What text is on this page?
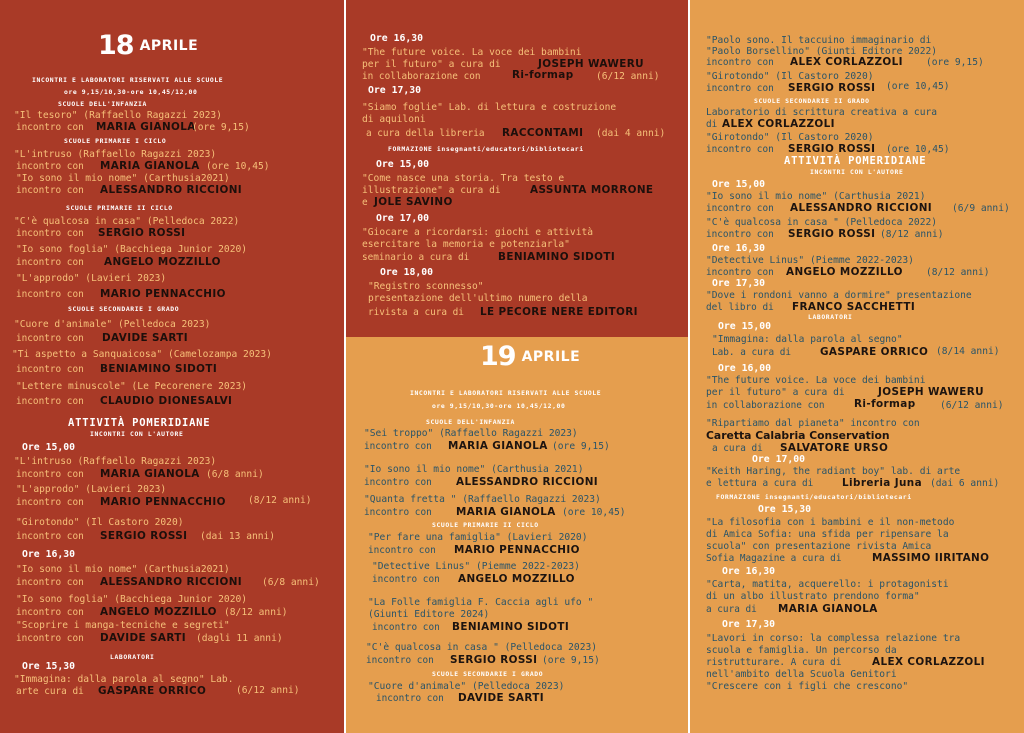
18 APRILE
INCONTRI E LABORATORI RISERVATI ALLE SCUOLE
ore 9,15/10,30-ore 10,45/12,00
SCUOLE DELL'INFANZIA
"Il tesoro" (Raffaello Ragazzi 2023)
incontro con MARIA GIANOLA
(ore 9,15)
SCUOLE PRIMARIE I CICLO
"L'intruso (Raffaello Ragazzi 2023)
incontro con MARIA GIANOLA (ore 10,45)
"Io sono il mio nome" (Carthusia2021)
incontro con ALESSANDRO RICCIONI
SCUOLE PRIMARIE II CICLO
"C'è qualcosa in casa" (Pelledoca 2022)
incontro con SERGIO ROSSI
"Io sono foglia" (Bacchiega Junior 2020)
incontro con ANGELO MOZZILLO
"L'approdo" (Lavieri 2023)
incontro con MARIO PENNACCHIO
SCUOLE SECONDARIE I GRADO
"Cuore d'animale" (Pelledoca 2023)
incontro con DAVIDE SARTI
"Ti aspetto a Sanquaicosa" (Camelozampa 2023)
incontro con BENIAMINO SIDOTI
"Lettere minuscole" (Le Pecorenere 2023)
incontro con CLAUDIO DIONESALVI
ATTIVITÀ POMERIDIANE
INCONTRI CON L'AUTORE
Ore 15,00
"L'intruso (Raffaello Ragazzi 2023)
incontro con MARIA GIANOLA (6/8 anni)
"L'approdo" (Lavieri 2023)
incontro con MARIO PENNACCHIO (8/12 anni)
"Girotondo" (Il Castoro 2020)
incontro con SERGIO ROSSI (dai 13 anni)
Ore 16,30
"Io sono il mio nome" (Carthusia2021)
incontro con ALESSANDRO RICCIONI (6/8 anni)
"Io sono foglia" (Bacchiega Junior 2020)
incontro con ANGELO MOZZILLO (8/12 anni)
"Scoprire i manga-tecniche e segreti"
incontro con DAVIDE SARTI (dagli 11 anni)
LABORATORI
Ore 15,30
"Immagina: dalla parola al segno" Lab.
arte cura di GASPARE ORRICO	(6/12 anni)
Ore 16,30
"The future voice. La voce dei bambini
per il futuro" a cura di	JOSEPH WAWERU
in collaborazione con	Ri-formap (6/12 anni)
Ore 17,30
"Siamo foglie" Lab. di lettura e costruzione
di aquiloni
a cura della libreria RACCONTAMI (dai 4 anni)
FORMAZIONE insegnanti/educatori/bibliotecari
Ore 15,00
"Come nasce una storia. Tra testo e
illustrazione" a cura di	ASSUNTA MORRONE
e JOLE SAVINO
Ore 17,00
"Giocare a ricordarsi: giochi e attività
esercitare la memoria e potenziarla"
seminario a cura di	BENIAMINO SIDOTI
Ore 18,00
"Registro sconnesso"
presentazione dell'ultimo numero della
rivista a cura di LE PECORE NERE EDITORI
19 APRILE
INCONTRI E LABORATORI RISERVATI ALLE SCUOLE
ore 9,15/10,30-ore 10,45/12,00
SCUOLE DELL'INFANZIA
"Sei troppo" (Raffaello Ragazzi 2023)
incontro con MARIA GIANOLA (ore 9,15)
"Io sono il mio nome" (Carthusia 2021)
incontro con ALESSANDRO RICCIONI
"Quanta fretta " (Raffaello Ragazzi 2023)
incontro con MARIA GIANOLA (ore 10,45)
SCUOLE PRIMARIE II CICLO
"Per fare una famiglia" (Lavieri 2020)
incontro con MARIO PENNACCHIO
"Detective Linus" (Piemme 2022-2023)
incontro con ANGELO MOZZILLO
"La Folle famiglia F. Caccia agli ufo "
(Giunti Editore 2024)
incontro con BENIAMINO SIDOTI
"C'è qualcosa in casa " (Pelledoca 2023)
incontro con SERGIO ROSSI (ore 9,15)
SCUOLE SECONDARIE I GRADO
"Cuore d'animale" (Pelledoca 2023)
incontro con DAVIDE SARTI
"Paolo sono. Il taccuino immaginario di
"Paolo Borsellino" (Giunti Editore 2022)
incontro con ALEX CORLAZZOLI (ore 9,15)
"Girotondo" (Il Castoro 2020)
incontro con SERGIO ROSSI (ore 10,45)
SCUOLE SECONDARIE II GRADO
Laboratorio di scrittura creativa a cura
di ALEX CORLAZZOLI
"Girotondo" (Il Castoro 2020)
incontro con SERGIO ROSSI (ore 10,45)
ATTIVITÀ POMERIDIANE
INCONTRI CON L'AUTORE
Ore 15,00
"Io sono il mio nome" (Carthusia 2021)
incontro con ALESSANDRO RICCIONI (6/9 anni)
"C'è qualcosa in casa " (Pelledoca 2022)
incontro con SERGIO ROSSI (8/12 anni)
Ore 16,30
"Detective Linus" (Piemme 2022-2023)
incontro con ANGELO MOZZILLO (8/12 anni)
Ore 17,30
"Dove i rondoni vanno a dormire" presentazione
del libro di FRANCO SACCHETTI
LABORATORI
Ore 15,00
"Immagina: dalla parola al segno"
Lab. a cura di	GASPARE ORRICO (8/14 anni)
Ore 16,00
"The future voice. La voce dei bambini
per il futuro" a cura di	JOSEPH WAWERU
in collaborazione con	Ri-formap	(6/12 anni)
"Ripartiamo dal pianeta" incontro con
Caretta Calabria Conservation
a cura di SALVATORE URSO
Ore 17,00
"Keith Haring, the radiant boy" lab. di arte
e lettura a cura di	Libreria Juna (dai 6 anni)
FORMAZIONE insegnanti/educatori/bibliotecari
Ore 15,30
"La filosofia con i bambini e il non-metodo
di Amica Sofia: una sfida per ripensare la
scuola" con presentazione rivista Amica
Sofia Magazine a cura di	MASSIMO IIRITANO
Ore 16,30
"Carta, matita, acquerello: i protagonisti
di un albo illustrato prendono forma"
a cura di MARIA GIANOLA
Ore 17,30
"Lavori in corso: la complessa relazione tra
scuola e famiglia. Un percorso da
ristrutturare. A cura di	ALEX CORLAZZOLI
nell'ambito della Scuola Genitori
"Crescere con i figli che crescono"
